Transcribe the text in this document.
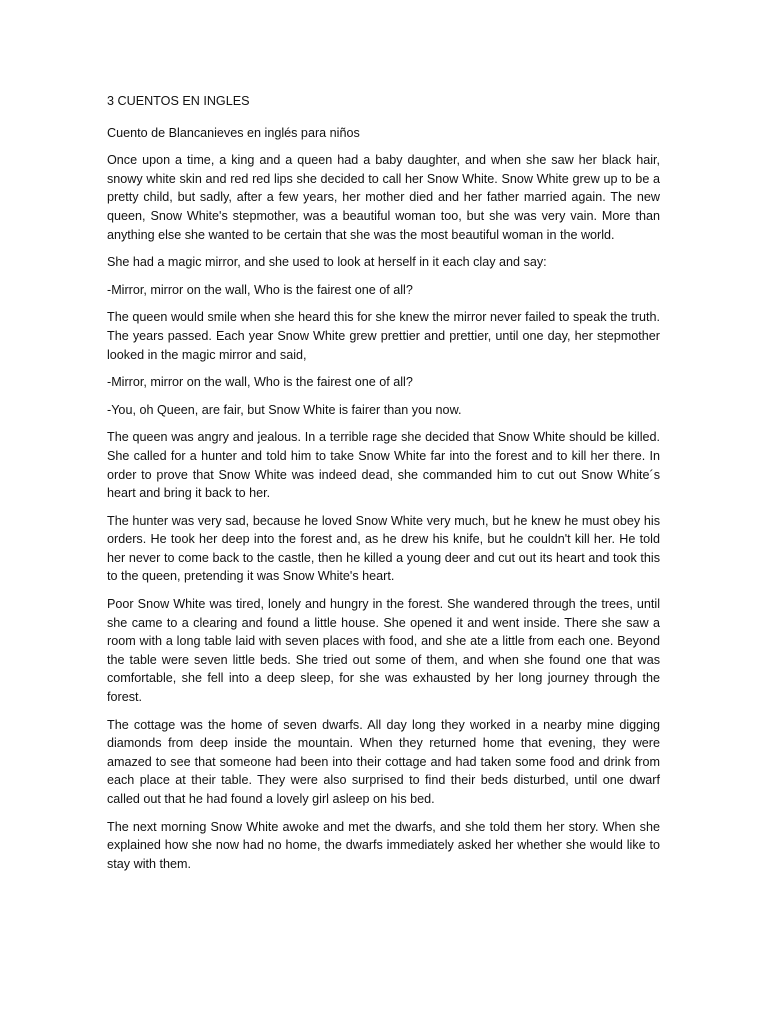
3 CUENTOS EN INGLES

Cuento de Blancanieves en inglés para niños

Once upon a time, a king and a queen had a baby daughter, and when she saw her black hair, snowy white skin and red red lips she decided to call her Snow White. Snow White grew up to be a pretty child, but sadly, after a few years, her mother died and her father married again. The new queen, Snow White's stepmother, was a beautiful woman too, but she was very vain. More than anything else she wanted to be certain that she was the most beautiful woman in the world.

She had a magic mirror, and she used to look at herself in it each clay and say:

-Mirror, mirror on the wall, Who is the fairest one of all?

The queen would smile when she heard this for she knew the mirror never failed to speak the truth. The years passed. Each year Snow White grew prettier and prettier, until one day, her stepmother looked in the magic mirror and said,

-Mirror, mirror on the wall, Who is the fairest one of all?

-You, oh Queen, are fair, but Snow White is fairer than you now.

The queen was angry and jealous. In a terrible rage she decided that Snow White should be killed. She called for a hunter and told him to take Snow White far into the forest and to kill her there. In order to prove that Snow White was indeed dead, she commanded him to cut out Snow White´s heart and bring it back to her.

The hunter was very sad, because he loved Snow White very much, but he knew he must obey his orders. He took her deep into the forest and, as he drew his knife, but he couldn't kill her. He told her never to come back to the castle, then he killed a young deer and cut out its heart and took this to the queen, pretending it was Snow White's heart.

Poor Snow White was tired, lonely and hungry in the forest. She wandered through the trees, until she came to a clearing and found a little house. She opened it and went inside. There she saw a room with a long table laid with seven places with food, and she ate a little from each one. Beyond the table were seven little beds. She tried out some of them, and when she found one that was comfortable, she fell into a deep sleep, for she was exhausted by her long journey through the forest.

The cottage was the home of seven dwarfs. All day long they worked in a nearby mine digging diamonds from deep inside the mountain. When they returned home that evening, they were amazed to see that someone had been into their cottage and had taken some food and drink from each place at their table. They were also surprised to find their beds disturbed, until one dwarf called out that he had found a lovely girl asleep on his bed.

The next morning Snow White awoke and met the dwarfs, and she told them her story. When she explained how she now had no home, the dwarfs immediately asked her whether she would like to stay with them.
